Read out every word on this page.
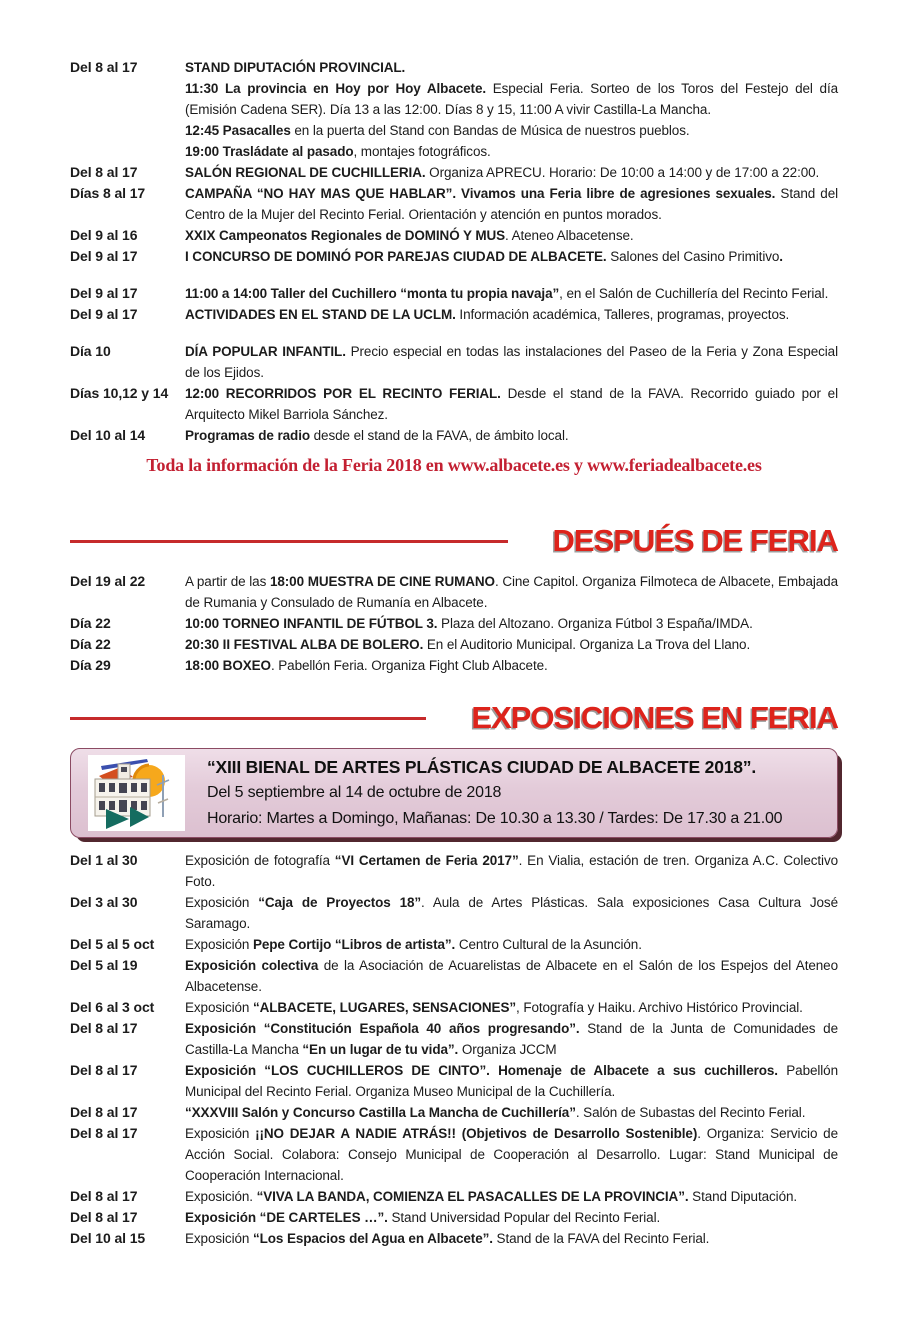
Del 8 al 17	STAND DIPUTACIÓN PROVINCIAL.

11:30 La provincia en Hoy por Hoy Albacete. Especial Feria. Sorteo de los Toros del Festejo del día (Emisión Cadena SER). Día 13 a las 12:00. Días 8 y 15, 11:00 A vivir Castilla-La Mancha.

12:45 Pasacalles en la puerta del Stand con Bandas de Música de nuestros pueblos.

19:00 Trasládate al pasado, montajes fotográficos.

Del 8 al 17	SALÓN REGIONAL DE CUCHILLERIA. Organiza APRECU. Horario: De 10:00 a 14:00 y de 17:00 a 22:00.

Días 8 al 17	CAMPAÑA “NO HAY MAS QUE HABLAR”. Vivamos una Feria libre de agresiones sexuales. Stand del Centro de la Mujer del Recinto Ferial. Orientación y atención en puntos morados.

Del 9 al 16	XXIX Campeonatos Regionales de DOMINÓ Y MUS. Ateneo Albacetense.

Del 9 al 17	I CONCURSO DE DOMINÓ POR PAREJAS CIUDAD DE ALBACETE. Salones del Casino Primitivo.

Del 9 al 17	11:00 a 14:00 Taller del Cuchillero “monta tu propia navaja”, en el Salón de Cuchillería del Recinto Ferial.

Del 9 al 17	ACTIVIDADES EN EL STAND DE LA UCLM. Información académica, Talleres, programas, proyectos.

Día 10	DÍA POPULAR INFANTIL. Precio especial en todas las instalaciones del Paseo de la Feria y Zona Especial de los Ejidos.

Días 10,12 y 14	12:00 RECORRIDOS POR EL RECINTO FERIAL. Desde el stand de la FAVA. Recorrido guiado por el Arquitecto Mikel Barriola Sánchez.

Del 10 al 14	Programas de radio desde el stand de la FAVA, de ámbito local.

Toda la información de la Feria 2018 en www.albacete.es y www.feriadealbacete.es
DESPUÉS DE FERIA
Del 19 al 22	A partir de las 18:00 MUESTRA DE CINE RUMANO. Cine Capitol. Organiza Filmoteca de Albacete, Embajada de Rumania y Consulado de Rumanía en Albacete.

Día 22	10:00 TORNEO INFANTIL DE FÚTBOL 3. Plaza del Altozano. Organiza Fútbol 3 España/IMDA.

Día 22	20:30 II FESTIVAL ALBA DE BOLERO. En el Auditorio Municipal. Organiza La Trova del Llano.

Día 29	18:00 BOXEO. Pabellón Feria. Organiza Fight Club Albacete.

EXPOSICIONES EN FERIA
“XIII BIENAL DE ARTES PLÁSTICAS CIUDAD DE ALBACETE 2018”.
Del 5 septiembre al 14 de octubre de 2018
Horario: Martes a Domingo, Mañanas: De 10.30 a 13.30 / Tardes: De 17.30 a 21.00
Del 1 al 30	Exposición de fotografía “VI Certamen de Feria 2017”. En Vialia, estación de tren. Organiza A.C. Colectivo Foto.

Del 3 al 30	Exposición “Caja de Proyectos 18”. Aula de Artes Plásticas. Sala exposiciones Casa Cultura José Saramago.

Del 5 al 5 oct	Exposición Pepe Cortijo “Libros de artista”. Centro Cultural de la Asunción.

Del 5 al 19	Exposición colectiva de la Asociación de Acuarelistas de Albacete en el Salón de los Espejos del Ateneo Albacetense.

Del 6 al 3 oct	Exposición “ALBACETE, LUGARES, SENSACIONES”, Fotografía y Haiku. Archivo Histórico Provincial.

Del 8 al 17	Exposición “Constitución Española 40 años progresando”. Stand de la Junta de Comunidades de Castilla-La Mancha “En un lugar de tu vida”. Organiza JCCM

Del 8 al 17	Exposición “LOS CUCHILLEROS DE CINTO”. Homenaje de Albacete a sus cuchilleros. Pabellón Municipal del Recinto Ferial. Organiza Museo Municipal de la Cuchillería.

Del 8 al 17	“XXXVIII Salón y Concurso Castilla La Mancha de Cuchillería”. Salón de Subastas del Recinto Ferial.

Del 8 al 17	Exposición ¡¡NO DEJAR A NADIE ATRÁS!! (Objetivos de Desarrollo Sostenible). Organiza: Servicio de Acción Social. Colabora: Consejo Municipal de Cooperación al Desarrollo. Lugar: Stand Municipal de Cooperación Internacional.

Del 8 al 17	Exposición. “VIVA LA BANDA, COMIENZA EL PASACALLES DE LA PROVINCIA”. Stand Diputación.

Del 8 al 17	Exposición “DE CARTELES …”. Stand Universidad Popular del Recinto Ferial.

Del 10 al 15	Exposición “Los Espacios del Agua en Albacete”. Stand de la FAVA del Recinto Ferial.
